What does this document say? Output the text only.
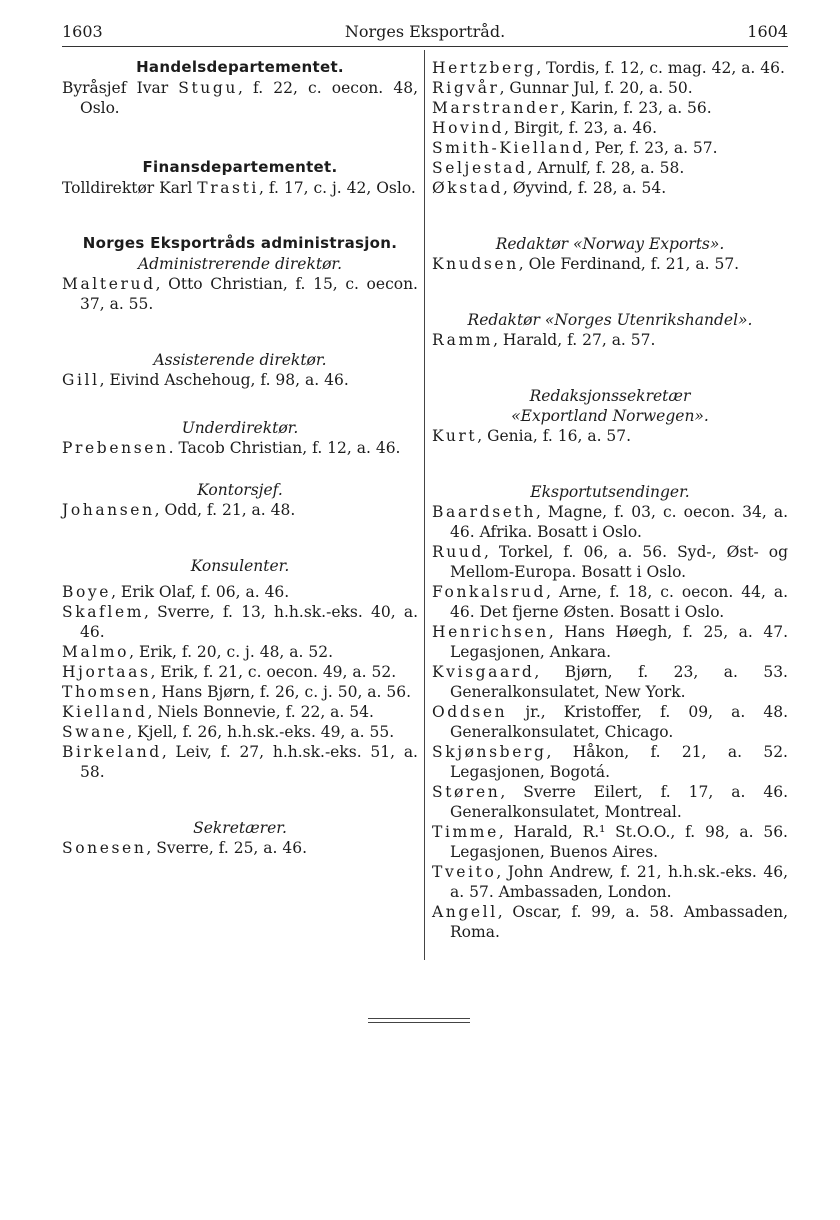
1603	Norges Eksportråd.	1604
Handelsdepartementet.

Byråsjef Ivar Stugu, f. 22, c. oecon. 48, Oslo.

Finansdepartementet.

Tolldirektør Karl Trasti, f. 17, c. j. 42, Oslo.

Norges Eksportråds administrasjon.

Administrerende direktør.

Malterud, Otto Christian, f. 15, c. oecon. 37, a. 55.

Assisterende direktør.

Gill, Eivind Aschehoug, f. 98, a. 46.

Underdirektør.

Prebensen. Tacob Christian, f. 12, a. 46.

Kontorsjef.

Johansen, Odd, f. 21, a. 48.

Konsulenter.

Boye, Erik Olaf, f. 06, a. 46.

Skaflem, Sverre, f. 13, h.h.sk.-eks. 40, a. 46.

Malmo, Erik, f. 20, c. j. 48, a. 52.

Hjortaas, Erik, f. 21, c. oecon. 49, a. 52.

Thomsen, Hans Bjørn, f. 26, c. j. 50, a. 56.

Kielland, Niels Bonnevie, f. 22, a. 54.

Swane, Kjell, f. 26, h.h.sk.-eks. 49, a. 55.

Birkeland, Leiv, f. 27, h.h.sk.-eks. 51, a. 58.

Sekretærer.

Sonesen, Sverre, f. 25, a. 46.

Hertzberg, Tordis, f. 12, c. mag. 42, a. 46.

Rigvår, Gunnar Jul, f. 20, a. 50.

Marstrander, Karin, f. 23, a. 56.

Hovind, Birgit, f. 23, a. 46.

Smith-Kielland, Per, f. 23, a. 57.

Seljestad, Arnulf, f. 28, a. 58.

Økstad, Øyvind, f. 28, a. 54.

Redaktør «Norway Exports».

Knudsen, Ole Ferdinand, f. 21, a. 57.

Redaktør «Norges Utenrikshandel».

Ramm, Harald, f. 27, a. 57.

Redaksjonssekretær

«Exportland Norwegen».

Kurt, Genia, f. 16, a. 57.

Eksportutsendinger.

Baardseth, Magne, f. 03, c. oecon. 34, a. 46. Afrika. Bosatt i Oslo.

Ruud, Torkel, f. 06, a. 56. Syd-, Øst- og Mellom-Europa. Bosatt i Oslo.

Fonkalsrud, Arne, f. 18, c. oecon. 44, a. 46. Det fjerne Østen. Bosatt i Oslo.

Henrichsen, Hans Høegh, f. 25, a. 47. Legasjonen, Ankara.

Kvisgaard, Bjørn, f. 23, a. 53. Generalkonsulatet, New York.

Oddsen jr., Kristoffer, f. 09, a. 48. Generalkonsulatet, Chicago.

Skjønsberg, Håkon, f. 21, a. 52. Legasjonen, Bogotá.

Støren, Sverre Eilert, f. 17, a. 46. Generalkonsulatet, Montreal.

Timme, Harald, R.¹ St.O.O., f. 98, a. 56. Legasjonen, Buenos Aires.

Tveito, John Andrew, f. 21, h.h.sk.-eks. 46, a. 57. Ambassaden, London.

Angell, Oscar, f. 99, a. 58. Ambassaden, Roma.
